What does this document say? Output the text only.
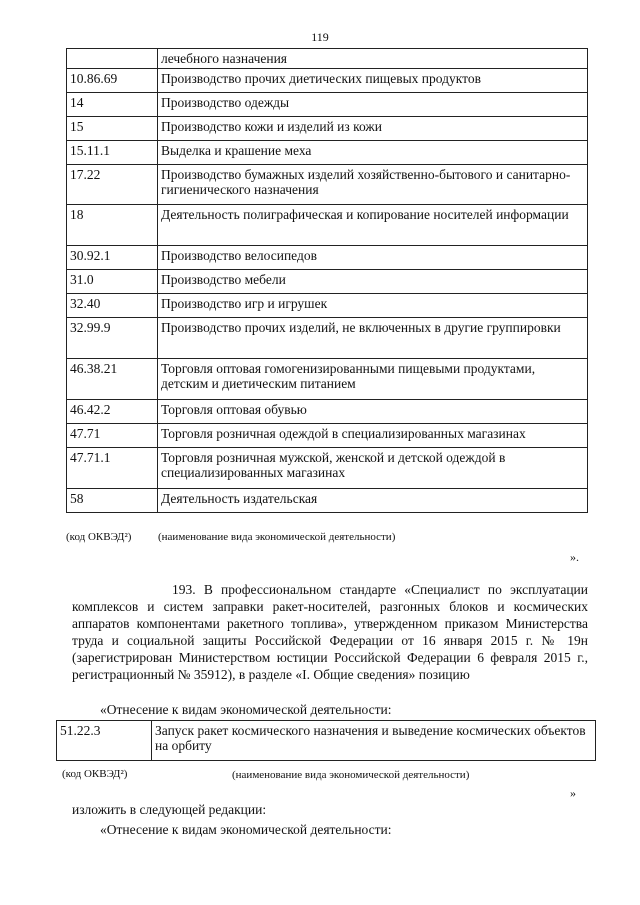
119
	лечебного назначения
10.86.69	Производство прочих диетических пищевых продуктов
14	Производство одежды
15	Производство кожи и изделий из кожи
15.11.1	Выделка и крашение меха
17.22	Производство бумажных изделий хозяйственно-бытового и санитарно-гигиенического назначения
18	Деятельность полиграфическая и копирование носителей информации
30.92.1	Производство велосипедов
31.0	Производство мебели
32.40	Производство игр и игрушек
32.99.9	Производство прочих изделий, не включенных в другие группировки
46.38.21	Торговля оптовая гомогенизированными пищевыми продуктами, детским и диетическим питанием
46.42.2	Торговля оптовая обувью
47.71	Торговля розничная одеждой в специализированных магазинах
47.71.1	Торговля розничная мужской, женской и детской одеждой в специализированных магазинах
58	Деятельность издательская
(код ОКВЭД²) (наименование вида экономической деятельности)
».
193. В профессиональном стандарте «Специалист по эксплуатации комплексов и систем заправки ракет-носителей, разгонных блоков и космических аппаратов компонентами ракетного топлива», утвержденном приказом Министерства труда и социальной защиты Российской Федерации от 16 января 2015 г. № 19н (зарегистрирован Министерством юстиции Российской Федерации 6 февраля 2015 г., регистрационный № 35912), в разделе «I. Общие сведения» позицию
«Отнесение к видам экономической деятельности:
51.22.3	Запуск ракет космического назначения и выведение космических объектов на орбиту
(код ОКВЭД²)	(наименование вида экономической деятельности)
»
изложить в следующей редакции:
«Отнесение к видам экономической деятельности:
